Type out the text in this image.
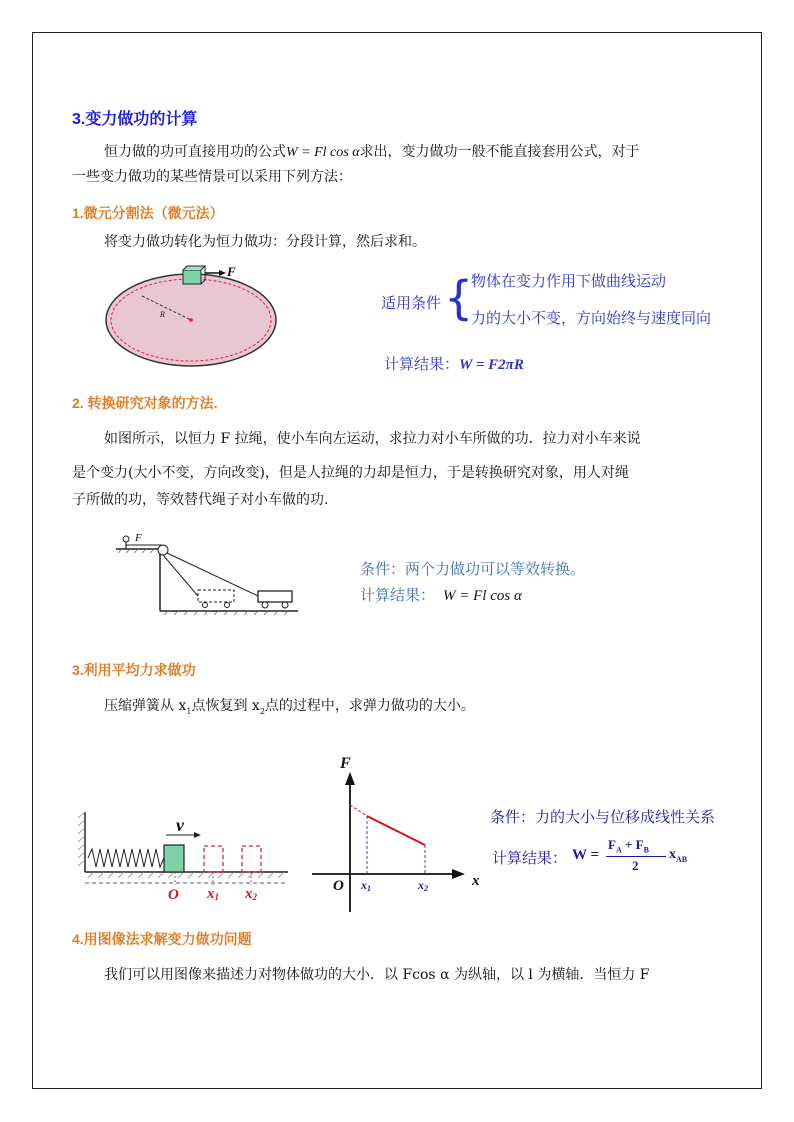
3.变力做功的计算
恒力做的功可直接用功的公式W = Fl cos α求出，变力做功一般不能直接套用公式，对于
一些变力做功的某些情景可以采用下列方法：
1.微元分割法（微元法）
将变力做功转化为恒力做功：分段计算，然后求和。
F
R
适用条件 {
物体在变力作用下做曲线运动
力的大小不变，方向始终与速度同向
计算结果：W = F2πR
2. 转换研究对象的方法.
如图所示，以恒力 F 拉绳，使小车向左运动，求拉力对小车所做的功．拉力对小车来说
是个变力(大小不变，方向改变)，但是人拉绳的力却是恒力，于是转换研究对象，用人对绳
子所做的功，等效替代绳子对小车做的功.
F
条件：两个力做功可以等效转换。
计算结果： W = Fl cos α
3.利用平均力求做功
压缩弹簧从 $x_1$点恢复到 $x_2$点的过程中，求弹力做功的大小。
v
O x1 x2
F
O	x
x1	x2
条件：力的大小与位移成线性关系
计算结果： W =
$F_A + F_B$
2
$x_{AB}$
4.用图像法求解变力做功问题
我们可以用图像来描述力对物体做功的大小．以 Fcos α 为纵轴，以 l 为横轴．当恒力 F
